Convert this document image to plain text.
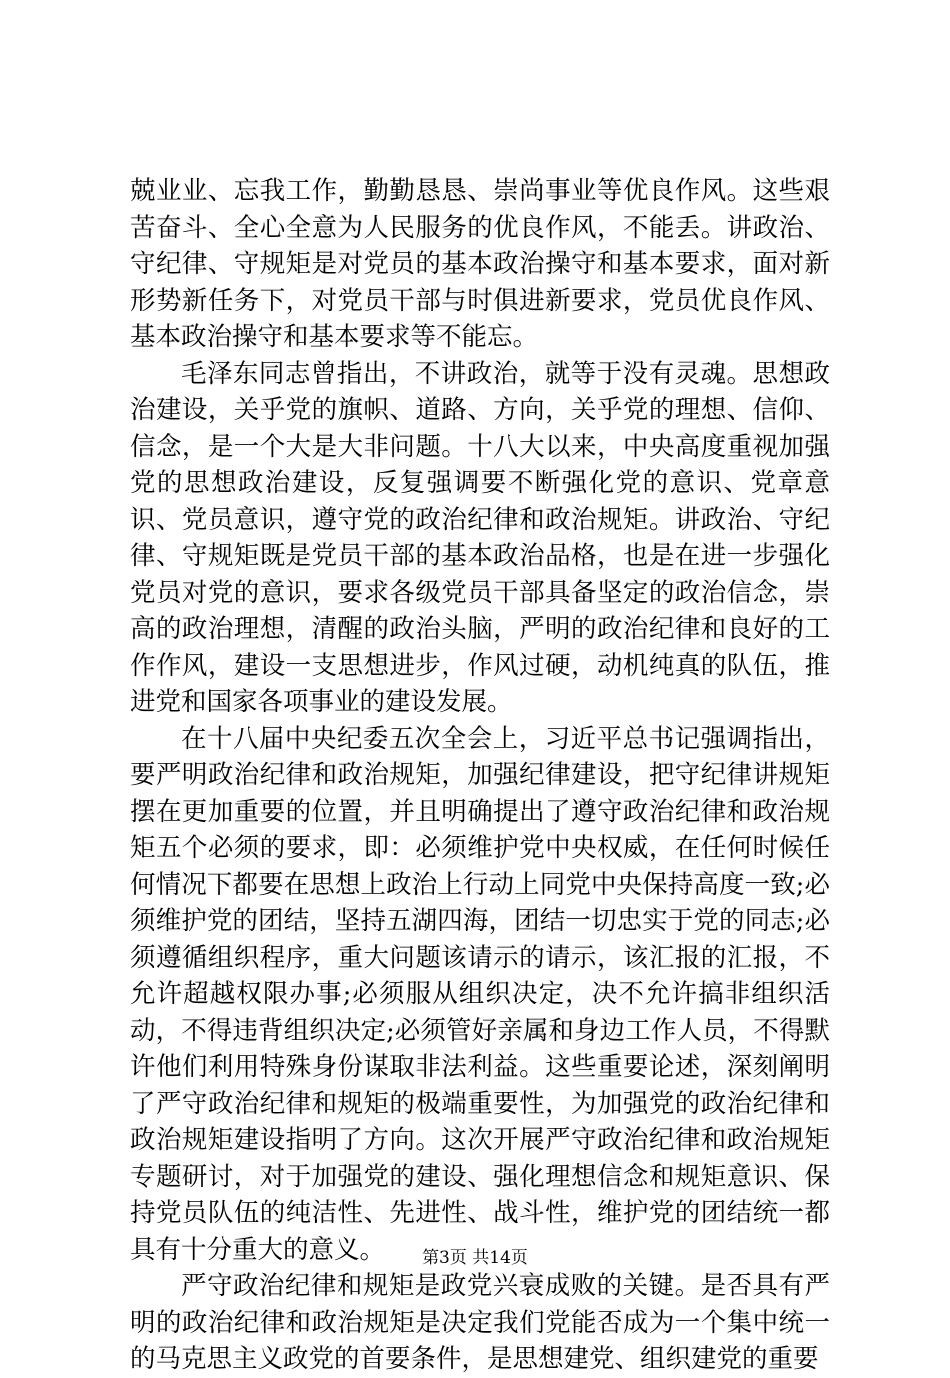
兢业业、忘我工作，勤勤恳恳、崇尚事业等优良作风。这些艰苦奋斗、全心全意为人民服务的优良作风，不能丢。讲政治、守纪律、守规矩是对党员的基本政治操守和基本要求，面对新形势新任务下，对党员干部与时俱进新要求，党员优良作风、基本政治操守和基本要求等不能忘。

毛泽东同志曾指出，不讲政治，就等于没有灵魂。思想政治建设，关乎党的旗帜、道路、方向，关乎党的理想、信仰、信念，是一个大是大非问题。十八大以来，中央高度重视加强党的思想政治建设，反复强调要不断强化党的意识、党章意识、党员意识，遵守党的政治纪律和政治规矩。讲政治、守纪律、守规矩既是党员干部的基本政治品格，也是在进一步强化党员对党的意识，要求各级党员干部具备坚定的政治信念，崇高的政治理想，清醒的政治头脑，严明的政治纪律和良好的工作作风，建设一支思想进步，作风过硬，动机纯真的队伍，推进党和国家各项事业的建设发展。

在十八届中央纪委五次全会上，习近平总书记强调指出，要严明政治纪律和政治规矩，加强纪律建设，把守纪律讲规矩摆在更加重要的位置，并且明确提出了遵守政治纪律和政治规矩五个必须的要求，即：必须维护党中央权威，在任何时候任何情况下都要在思想上政治上行动上同党中央保持高度一致;必须维护党的团结，坚持五湖四海，团结一切忠实于党的同志;必须遵循组织程序，重大问题该请示的请示，该汇报的汇报，不允许超越权限办事;必须服从组织决定，决不允许搞非组织活动，不得违背组织决定;必须管好亲属和身边工作人员，不得默许他们利用特殊身份谋取非法利益。这些重要论述，深刻阐明了严守政治纪律和规矩的极端重要性，为加强党的政治纪律和政治规矩建设指明了方向。这次开展严守政治纪律和政治规矩专题研讨，对于加强党的建设、强化理想信念和规矩意识、保持党员队伍的纯洁性、先进性、战斗性，维护党的团结统一都具有十分重大的意义。

严守政治纪律和规矩是政党兴衰成败的关键。是否具有严明的政治纪律和政治规矩是决定我们党能否成为一个集中统一的马克思主义政党的首要条件，是思想建党、组织建党的重要

第3页 共14页
